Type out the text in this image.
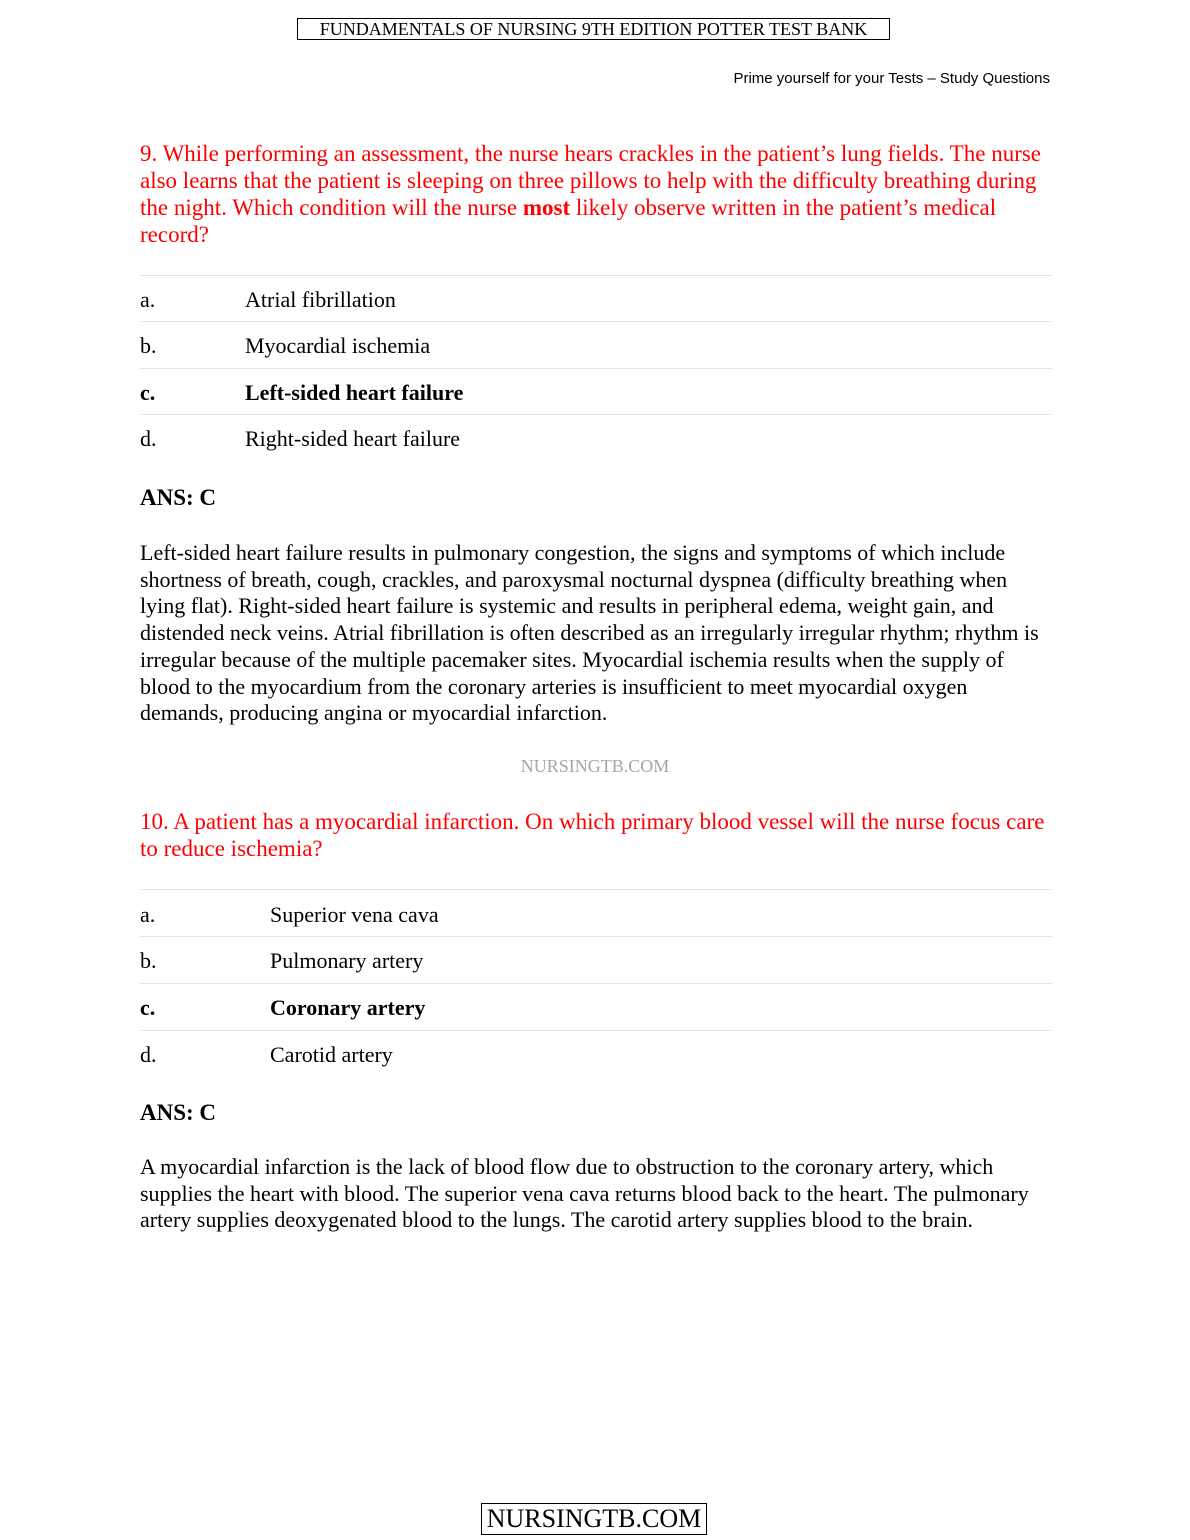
FUNDAMENTALS OF NURSING 9TH EDITION POTTER TEST BANK
Prime yourself for your Tests – Study Questions

9. While performing an assessment, the nurse hears crackles in the patient’s lung fields. The nurse also learns that the patient is sleeping on three pillows to help with the difficulty breathing during the night. Which condition will the nurse most likely observe written in the patient’s medical record?

a.	Atrial fibrillation
b.	Myocardial ischemia
c.	Left-sided heart failure
d.	Right-sided heart failure
ANS: C

Left-sided heart failure results in pulmonary congestion, the signs and symptoms of which include shortness of breath, cough, crackles, and paroxysmal nocturnal dyspnea (difficulty breathing when lying flat). Right-sided heart failure is systemic and results in peripheral edema, weight gain, and distended neck veins. Atrial fibrillation is often described as an irregularly irregular rhythm; rhythm is irregular because of the multiple pacemaker sites. Myocardial ischemia results when the supply of blood to the myocardium from the coronary arteries is insufficient to meet myocardial oxygen demands, producing angina or myocardial infarction.

NURSINGTB.COM

10. A patient has a myocardial infarction. On which primary blood vessel will the nurse focus care to reduce ischemia?

a.	Superior vena cava
b.	Pulmonary artery
c.	Coronary artery
d.	Carotid artery
ANS: C

A myocardial infarction is the lack of blood flow due to obstruction to the coronary artery, which supplies the heart with blood. The superior vena cava returns blood back to the heart. The pulmonary artery supplies deoxygenated blood to the lungs. The carotid artery supplies blood to the brain.

NURSINGTB.COM
